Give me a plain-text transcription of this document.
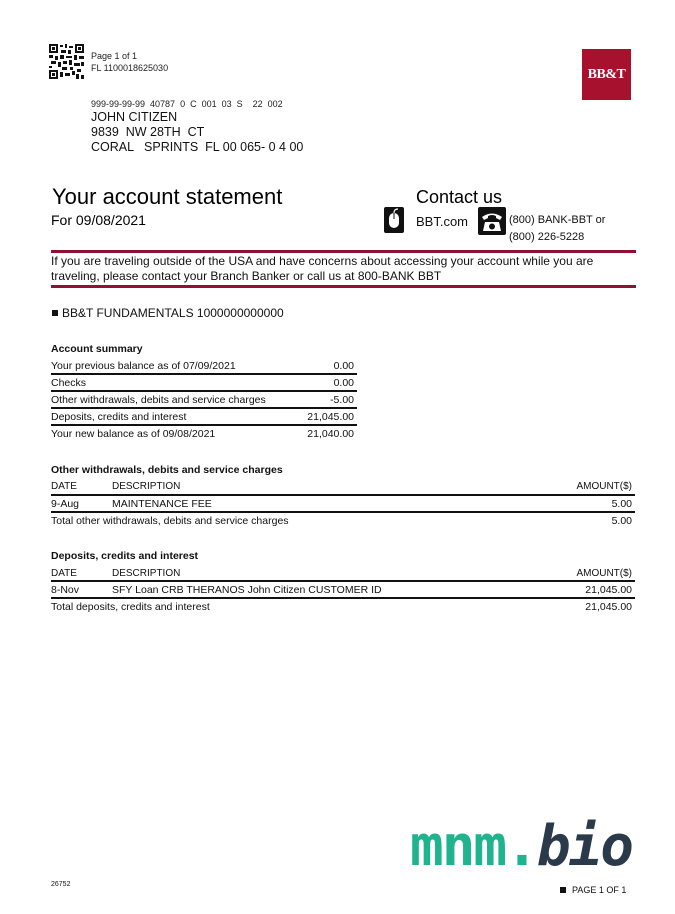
Page 1 of 1
FL 1100018625030	BB&T
999-99-99-99  40787  0  C  001  03  S    22  002
JOHN CITIZEN
9839  NW 28TH  CT
CORAL   SPRINTS  FL 00 065- 0 4 00
Your account statement
For 09/08/2021
Contact us
BBT.com	(800) BANK-BBT or
(800) 226-5228
If you are traveling outside of the USA and have concerns about accessing your account while you are
traveling, please contact your Branch Banker or call us at 800-BANK BBT
BB&T FUNDAMENTALS 1000000000000
Account summary
Your previous balance as of 07/09/2021	0.00
Checks	0.00
Other withdrawals, debits and service charges	-5.00
Deposits, credits and interest	21,045.00
Your new balance as of 09/08/2021	21,040.00
Other withdrawals, debits and service charges
DATE	DESCRIPTION	AMOUNT($)
9-Aug	MAINTENANCE FEE	5.00
Total other withdrawals, debits and service charges	5.00
Deposits, credits and interest
DATE	DESCRIPTION	AMOUNT($)
8-Nov	SFY Loan CRB THERANOS John Citizen CUSTOMER ID	21,045.00
Total deposits, credits and interest	21,045.00
mnm.bio
26752
PAGE 1 OF 1
